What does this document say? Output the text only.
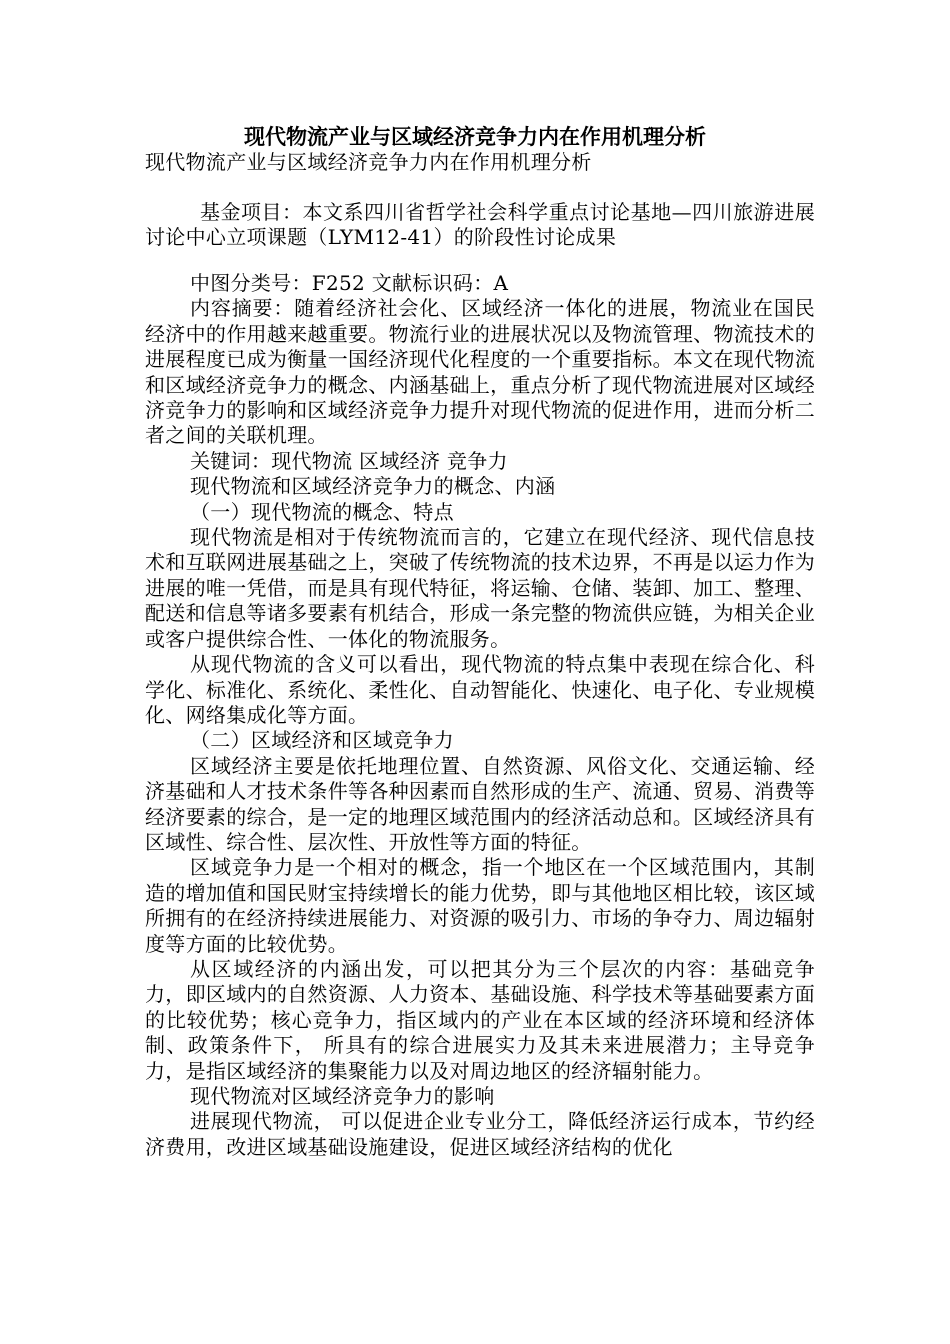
现代物流产业与区域经济竞争力内在作用机理分析

现代物流产业与区域经济竞争力内在作用机理分析

基金项目：本文系四川省哲学社会科学重点讨论基地—四川旅游进展讨论中心立项课题（LYM12-41）的阶段性讨论成果

中图分类号：F252 文献标识码：A

内容摘要：随着经济社会化、区域经济一体化的进展，物流业在国民经济中的作用越来越重要。物流行业的进展状况以及物流管理、物流技术的进展程度已成为衡量一国经济现代化程度的一个重要指标。本文在现代物流和区域经济竞争力的概念、内涵基础上，重点分析了现代物流进展对区域经济竞争力的影响和区域经济竞争力提升对现代物流的促进作用，进而分析二者之间的关联机理。

关键词：现代物流 区域经济 竞争力

现代物流和区域经济竞争力的概念、内涵

（一）现代物流的概念、特点

现代物流是相对于传统物流而言的，它建立在现代经济、现代信息技术和互联网进展基础之上，突破了传统物流的技术边界，不再是以运力作为进展的唯一凭借，而是具有现代特征，将运输、仓储、装卸、加工、整理、配送和信息等诸多要素有机结合，形成一条完整的物流供应链，为相关企业或客户提供综合性、一体化的物流服务。

从现代物流的含义可以看出，现代物流的特点集中表现在综合化、科学化、标准化、系统化、柔性化、自动智能化、快速化、电子化、专业规模化、网络集成化等方面。

（二）区域经济和区域竞争力

区域经济主要是依托地理位置、自然资源、风俗文化、交通运输、经济基础和人才技术条件等各种因素而自然形成的生产、流通、贸易、消费等经济要素的综合，是一定的地理区域范围内的经济活动总和。区域经济具有区域性、综合性、层次性、开放性等方面的特征。

区域竞争力是一个相对的概念，指一个地区在一个区域范围内，其制造的增加值和国民财宝持续增长的能力优势，即与其他地区相比较，该区域所拥有的在经济持续进展能力、对资源的吸引力、市场的争夺力、周边辐射度等方面的比较优势。

从区域经济的内涵出发，可以把其分为三个层次的内容：基础竞争力，即区域内的自然资源、人力资本、基础设施、科学技术等基础要素方面的比较优势；核心竞争力，指区域内的产业在本区域的经济环境和经济体制、政策条件下， 所具有的综合进展实力及其未来进展潜力；主导竞争力，是指区域经济的集聚能力以及对周边地区的经济辐射能力。

现代物流对区域经济竞争力的影响

进展现代物流， 可以促进企业专业分工，降低经济运行成本，节约经济费用，改进区域基础设施建设，促进区域经济结构的优化
